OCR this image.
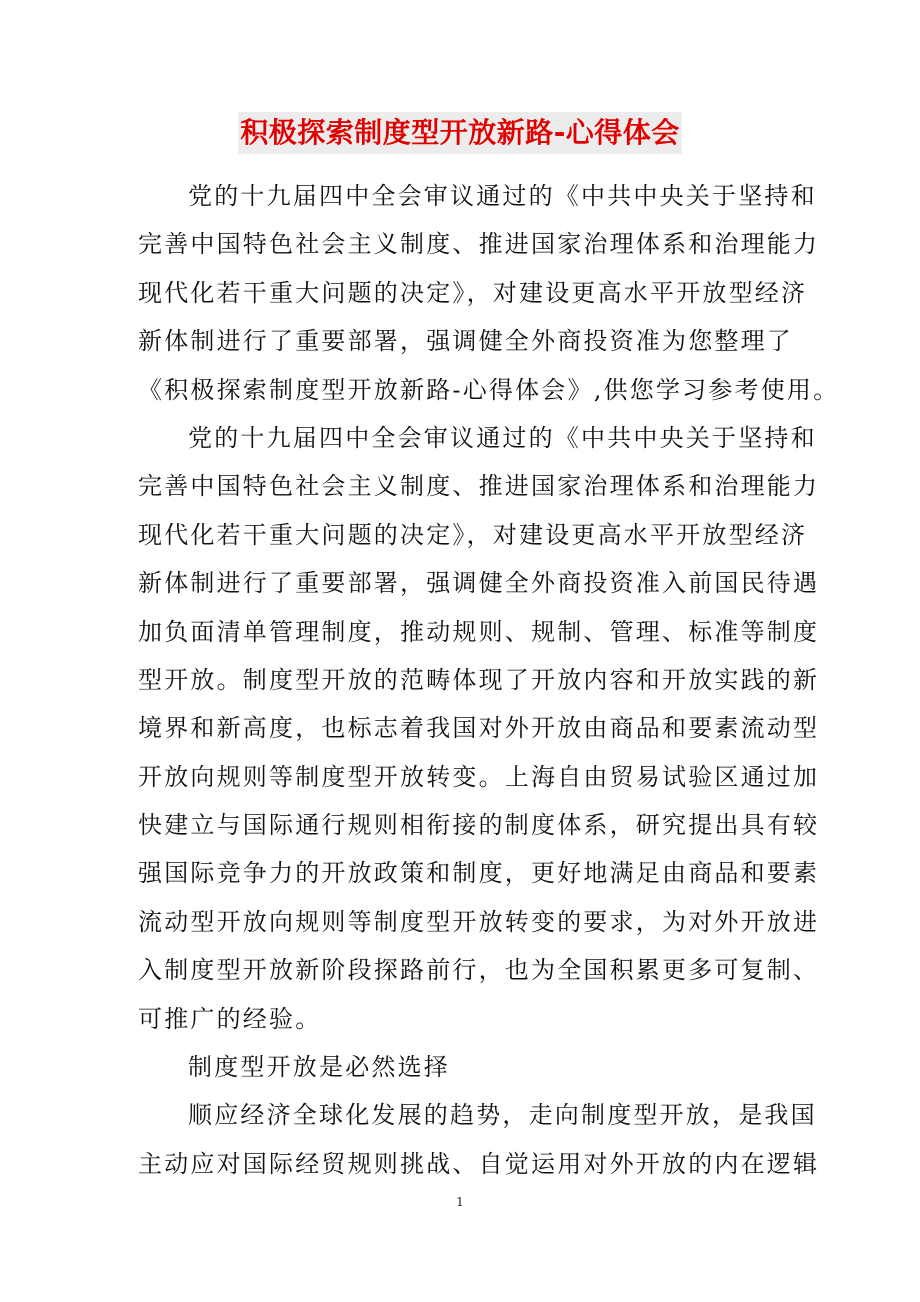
积极探索制度型开放新路-心得体会
党的十九届四中全会审议通过的《中共中央关于坚持和
完善中国特色社会主义制度、推进国家治理体系和治理能力
现代化若干重大问题的决定》，对建设更高水平开放型经济
新体制进行了重要部署，强调健全外商投资准为您整理了
《积极探索制度型开放新路-心得体会》,供您学习参考使用。
党的十九届四中全会审议通过的《中共中央关于坚持和
完善中国特色社会主义制度、推进国家治理体系和治理能力
现代化若干重大问题的决定》，对建设更高水平开放型经济
新体制进行了重要部署，强调健全外商投资准入前国民待遇
加负面清单管理制度，推动规则、规制、管理、标准等制度
型开放。制度型开放的范畴体现了开放内容和开放实践的新
境界和新高度，也标志着我国对外开放由商品和要素流动型
开放向规则等制度型开放转变。上海自由贸易试验区通过加
快建立与国际通行规则相衔接的制度体系，研究提出具有较
强国际竞争力的开放政策和制度，更好地满足由商品和要素
流动型开放向规则等制度型开放转变的要求，为对外开放进
入制度型开放新阶段探路前行，也为全国积累更多可复制、
可推广的经验。
制度型开放是必然选择
顺应经济全球化发展的趋势，走向制度型开放，是我国
主动应对国际经贸规则挑战、自觉运用对外开放的内在逻辑
1
